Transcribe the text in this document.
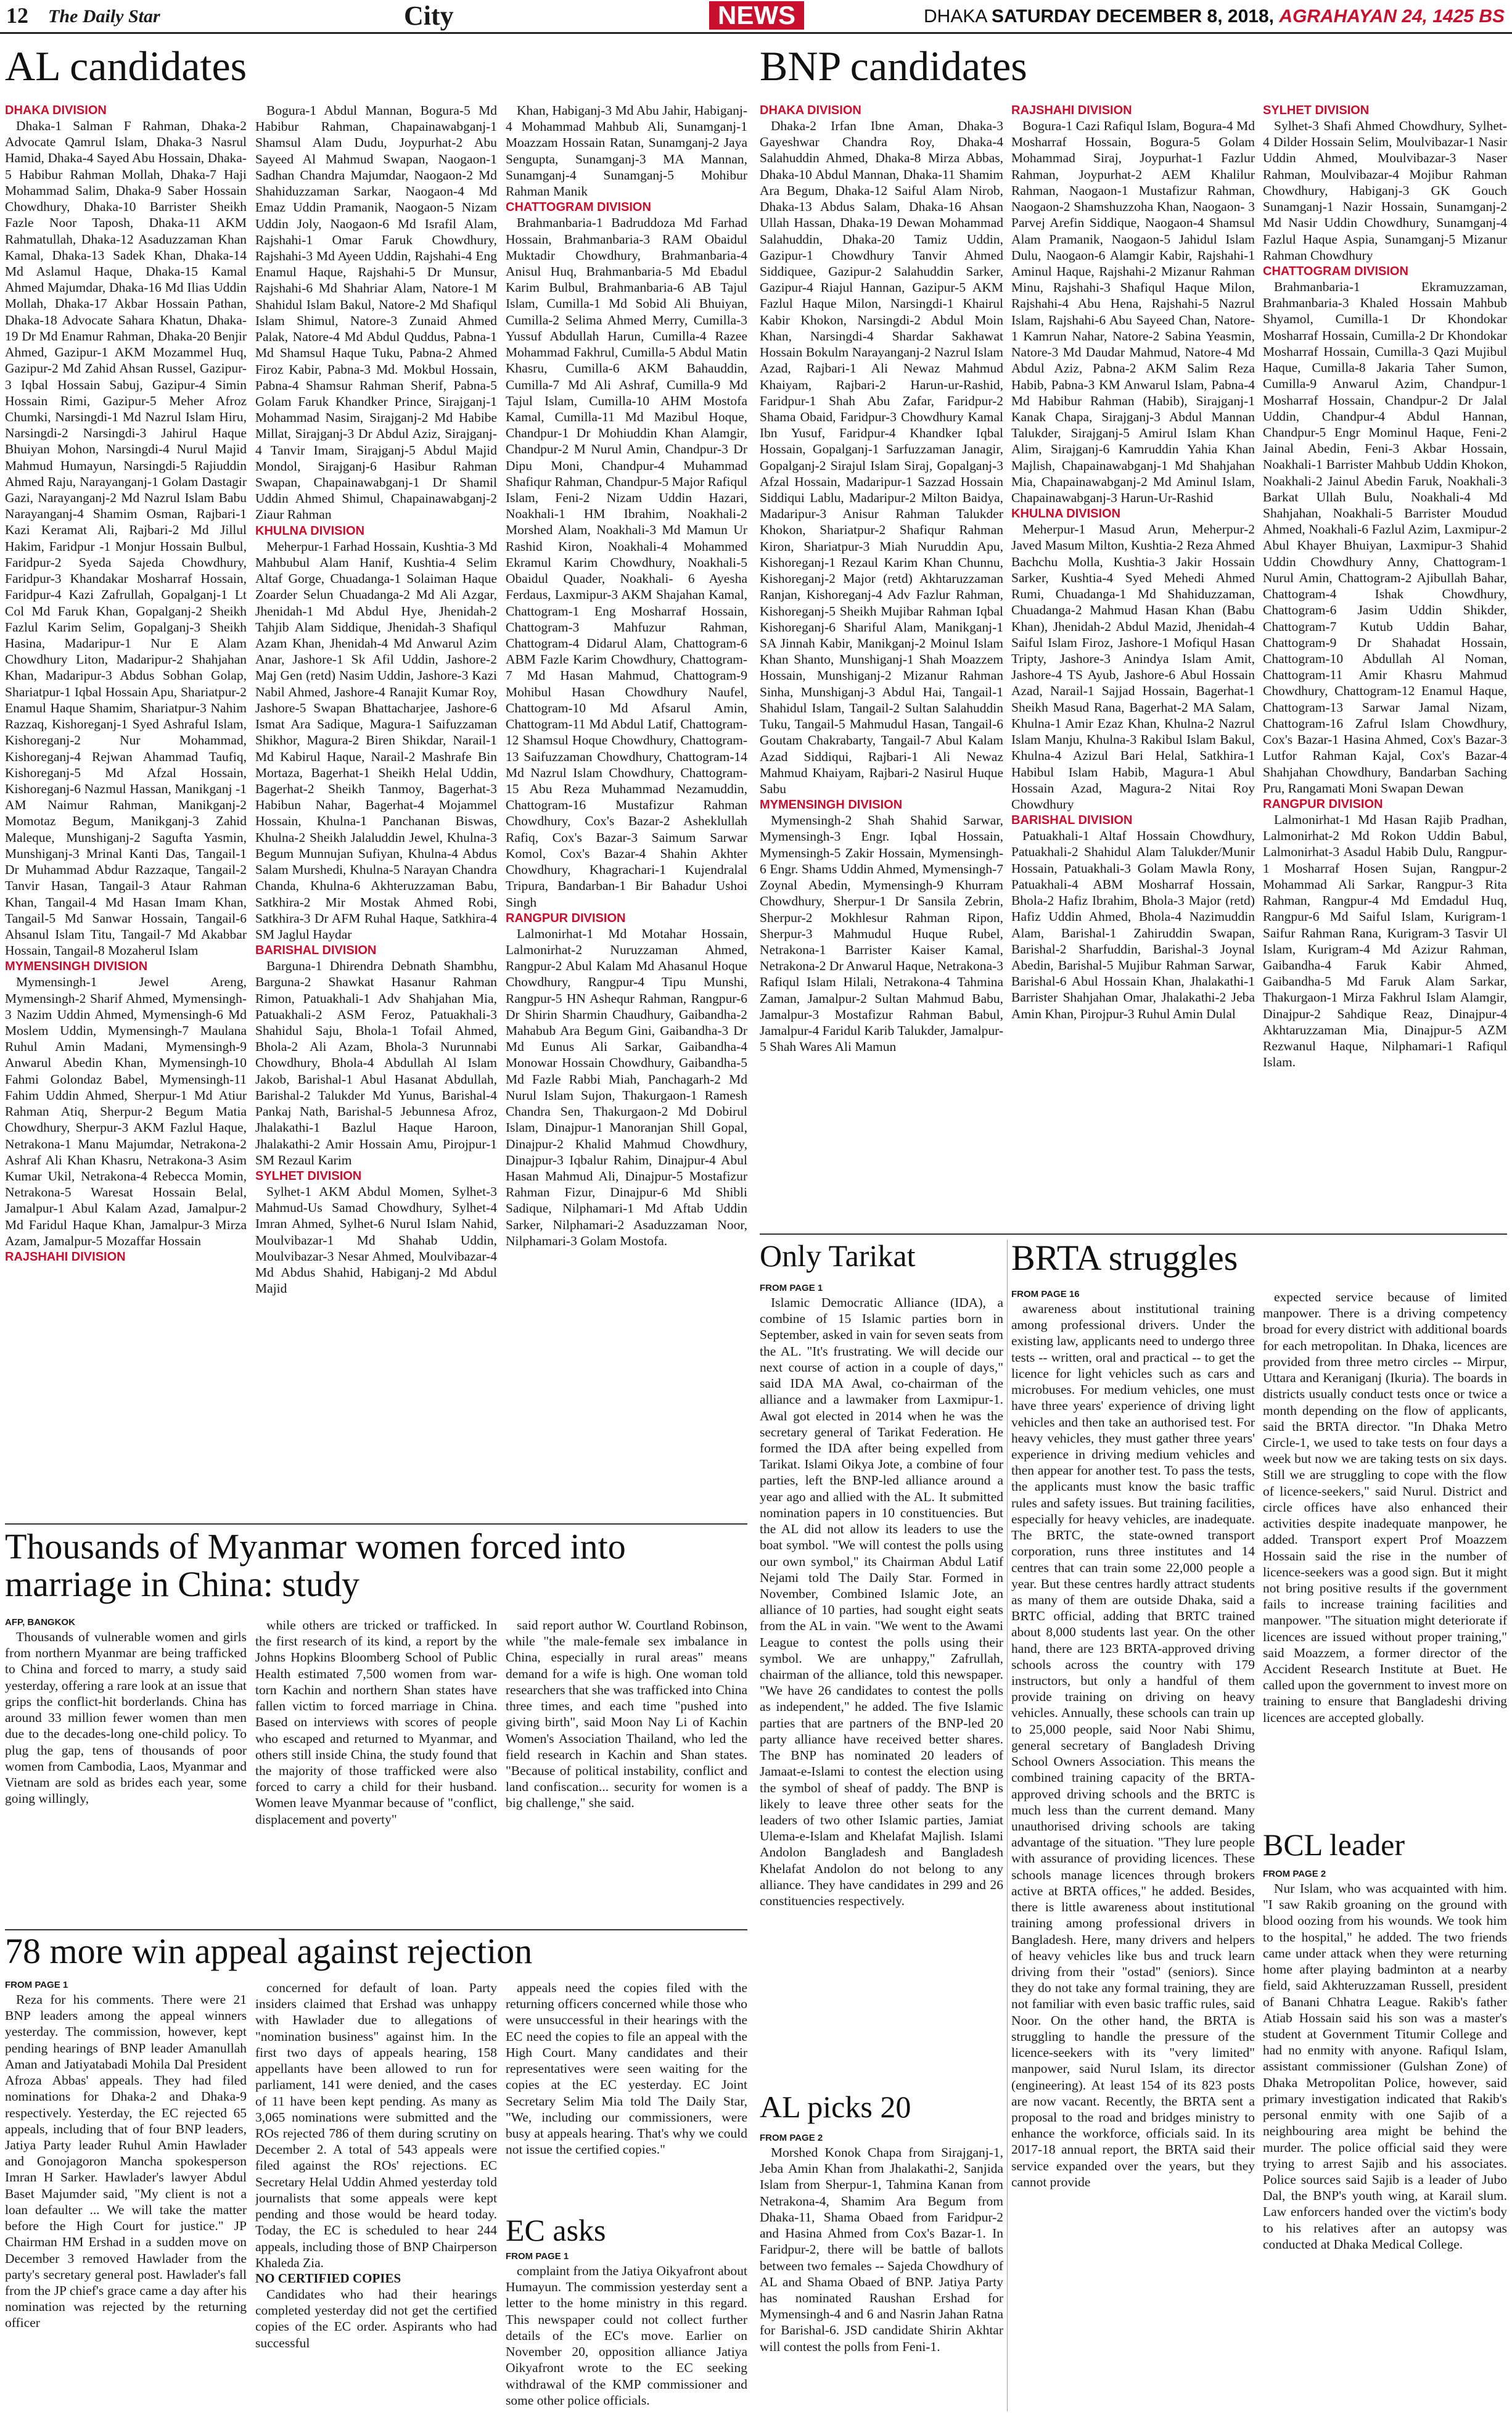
12 The Daily Star	City	NEWS	DHAKA SATURDAY DECEMBER 8, 2018, AGRAHAYAN 24, 1425 BS
AL candidates
DHAKA DIVISION

Dhaka-1 Salman F Rahman, Dhaka-2 Advocate Qamrul Islam, Dhaka-3 Nasrul Hamid, Dhaka-4 Sayed Abu Hossain, Dhaka-5 Habibur Rahman Mollah, Dhaka-7 Haji Mohammad Salim, Dhaka-9 Saber Hossain Chowdhury, Dhaka-10 Barrister Sheikh Fazle Noor Taposh, Dhaka-11 AKM Rahmatullah, Dhaka-12 Asaduzzaman Khan Kamal, Dhaka-13 Sadek Khan, Dhaka-14 Md Aslamul Haque, Dhaka-15 Kamal Ahmed Majumdar, Dhaka-16 Md Ilias Uddin Mollah, Dhaka-17 Akbar Hossain Pathan, Dhaka-18 Advocate Sahara Khatun, Dhaka-19 Dr Md Enamur Rahman, Dhaka-20 Benjir Ahmed, Gazipur-1 AKM Mozammel Huq, Gazipur-2 Md Zahid Ahsan Russel, Gazipur-3 Iqbal Hossain Sabuj, Gazipur-4 Simin Hossain Rimi, Gazipur-5 Meher Afroz Chumki, Narsingdi-1 Md Nazrul Islam Hiru, Narsingdi-2 Narsingdi-3 Jahirul Haque Bhuiyan Mohon, Narsingdi-4 Nurul Majid Mahmud Humayun, Narsingdi-5 Rajiuddin Ahmed Raju, Narayanganj-1 Golam Dastagir Gazi, Narayanganj-2 Md Nazrul Islam Babu Narayanganj-4 Shamim Osman, Rajbari-1 Kazi Keramat Ali, Rajbari-2 Md Jillul Hakim, Faridpur -1 Monjur Hossain Bulbul, Faridpur-2 Syeda Sajeda Chowdhury, Faridpur-3 Khandakar Mosharraf Hossain, Faridpur-4 Kazi Zafrullah, Gopalganj-1 Lt Col Md Faruk Khan, Gopalganj-2 Sheikh Fazlul Karim Selim, Gopalganj-3 Sheikh Hasina, Madaripur-1 Nur E Alam Chowdhury Liton, Madaripur-2 Shahjahan Khan, Madaripur-3 Abdus Sobhan Golap, Shariatpur-1 Iqbal Hossain Apu, Shariatpur-2 Enamul Haque Shamim, Shariatpur-3 Nahim Razzaq, Kishoreganj-1 Syed Ashraful Islam, Kishoreganj-2 Nur Mohammad, Kishoreganj-4 Rejwan Ahammad Taufiq, Kishoreganj-5 Md Afzal Hossain, Kishoreganj-6 Nazmul Hassan, Manikganj -1 AM Naimur Rahman, Manikganj-2 Momotaz Begum, Manikganj-3 Zahid Maleque, Munshiganj-2 Sagufta Yasmin, Munshiganj-3 Mrinal Kanti Das, Tangail-1 Dr Muhammad Abdur Razzaque, Tangail-2 Tanvir Hasan, Tangail-3 Ataur Rahman Khan, Tangail-4 Md Hasan Imam Khan, Tangail-5 Md Sanwar Hossain, Tangail-6 Ahsanul Islam Titu, Tangail-7 Md Akabbar Hossain, Tangail-8 Mozaherul Islam

MYMENSINGH DIVISION

Mymensingh-1 Jewel Areng, Mymensingh-2 Sharif Ahmed, Mymensingh-3 Nazim Uddin Ahmed, Mymensingh-6 Md Moslem Uddin, Mymensingh-7 Maulana Ruhul Amin Madani, Mymensingh-9 Anwarul Abedin Khan, Mymensingh-10 Fahmi Golondaz Babel, Mymensingh-11 Fahim Uddin Ahmed, Sherpur-1 Md Atiur Rahman Atiq, Sherpur-2 Begum Matia Chowdhury, Sherpur-3 AKM Fazlul Haque, Netrakona-1 Manu Majumdar, Netrakona-2 Ashraf Ali Khan Khasru, Netrakona-3 Asim Kumar Ukil, Netrakona-4 Rebecca Momin, Netrakona-5 Waresat Hossain Belal, Jamalpur-1 Abul Kalam Azad, Jamalpur-2 Md Faridul Haque Khan, Jamalpur-3 Mirza Azam, Jamalpur-5 Mozaffar Hossain

RAJSHAHI DIVISION

Bogura-1 Abdul Mannan, Bogura-5 Md Habibur Rahman, Chapainawabganj-1 Shamsul Alam Dudu, Joypurhat-2 Abu Sayeed Al Mahmud Swapan, Naogaon-1 Sadhan Chandra Majumdar, Naogaon-2 Md Shahiduzzaman Sarkar, Naogaon-4 Md Emaz Uddin Pramanik, Naogaon-5 Nizam Uddin Joly, Naogaon-6 Md Israfil Alam, Rajshahi-1 Omar Faruk Chowdhury, Rajshahi-3 Md Ayeen Uddin, Rajshahi-4 Eng Enamul Haque, Rajshahi-5 Dr Munsur, Rajshahi-6 Md Shahriar Alam, Natore-1 M Shahidul Islam Bakul, Natore-2 Md Shafiqul Islam Shimul, Natore-3 Zunaid Ahmed Palak, Natore-4 Md Abdul Quddus, Pabna-1 Md Shamsul Haque Tuku, Pabna-2 Ahmed Firoz Kabir, Pabna-3 Md. Mokbul Hossain, Pabna-4 Shamsur Rahman Sherif, Pabna-5 Golam Faruk Khandker Prince, Sirajganj-1 Mohammad Nasim, Sirajganj-2 Md Habibe Millat, Sirajganj-3 Dr Abdul Aziz, Sirajganj-4 Tanvir Imam, Sirajganj-5 Abdul Majid Mondol, Sirajganj-6 Hasibur Rahman Swapan, Chapainawabganj-1 Dr Shamil Uddin Ahmed Shimul, Chapainawabganj-2 Ziaur Rahman

KHULNA DIVISION

Meherpur-1 Farhad Hossain, Kushtia-3 Md Mahbubul Alam Hanif, Kushtia-4 Selim Altaf Gorge, Chuadanga-1 Solaiman Haque Zoarder Selun Chuadanga-2 Md Ali Azgar, Jhenidah-1 Md Abdul Hye, Jhenidah-2 Tahjib Alam Siddique, Jhenidah-3 Shafiqul Azam Khan, Jhenidah-4 Md Anwarul Azim Anar, Jashore-1 Sk Afil Uddin, Jashore-2 Maj Gen (retd) Nasim Uddin, Jashore-3 Kazi Nabil Ahmed, Jashore-4 Ranajit Kumar Roy, Jashore-5 Swapan Bhattacharjee, Jashore-6 Ismat Ara Sadique, Magura-1 Saifuzzaman Shikhor, Magura-2 Biren Shikdar, Narail-1 Md Kabirul Haque, Narail-2 Mashrafe Bin Mortaza, Bagerhat-1 Sheikh Helal Uddin, Bagerhat-2 Sheikh Tanmoy, Bagerhat-3 Habibun Nahar, Bagerhat-4 Mojammel Hossain, Khulna-1 Panchanan Biswas, Khulna-2 Sheikh Jalaluddin Jewel, Khulna-3 Begum Munnujan Sufiyan, Khulna-4 Abdus Salam Murshedi, Khulna-5 Narayan Chandra Chanda, Khulna-6 Akhteruzzaman Babu, Satkhira-2 Mir Mostak Ahmed Robi, Satkhira-3 Dr AFM Ruhal Haque, Satkhira-4 SM Jaglul Haydar

BARISHAL DIVISION

Barguna-1 Dhirendra Debnath Shambhu, Barguna-2 Shawkat Hasanur Rahman Rimon, Patuakhali-1 Adv Shahjahan Mia, Patuakhali-2 ASM Feroz, Patuakhali-3 Shahidul Saju, Bhola-1 Tofail Ahmed, Bhola-2 Ali Azam, Bhola-3 Nurunnabi Chowdhury, Bhola-4 Abdullah Al Islam Jakob, Barishal-1 Abul Hasanat Abdullah, Barishal-2 Talukder Md Yunus, Barishal-4 Pankaj Nath, Barishal-5 Jebunnesa Afroz, Jhalakathi-1 Bazlul Haque Haroon, Jhalakathi-2 Amir Hossain Amu, Pirojpur-1 SM Rezaul Karim

SYLHET DIVISION

Sylhet-1 AKM Abdul Momen, Sylhet-3 Mahmud-Us Samad Chowdhury, Sylhet-4 Imran Ahmed, Sylhet-6 Nurul Islam Nahid, Moulvibazar-1 Md Shahab Uddin, Moulvibazar-3 Nesar Ahmed, Moulvibazar-4 Md Abdus Shahid, Habiganj-2 Md Abdul Majid

Khan, Habiganj-3 Md Abu Jahir, Habiganj-4 Mohammad Mahbub Ali, Sunamganj-1 Moazzam Hossain Ratan, Sunamganj-2 Jaya Sengupta, Sunamganj-3 MA Mannan, Sunamganj-4 Sunamganj-5 Mohibur Rahman Manik

CHATTOGRAM DIVISION

Brahmanbaria-1 Badruddoza Md Farhad Hossain, Brahmanbaria-3 RAM Obaidul Muktadir Chowdhury, Brahmanbaria-4 Anisul Huq, Brahmanbaria-5 Md Ebadul Karim Bulbul, Brahmanbaria-6 AB Tajul Islam, Cumilla-1 Md Sobid Ali Bhuiyan, Cumilla-2 Selima Ahmed Merry, Cumilla-3 Yussuf Abdullah Harun, Cumilla-4 Razee Mohammad Fakhrul, Cumilla-5 Abdul Matin Khasru, Cumilla-6 AKM Bahauddin, Cumilla-7 Md Ali Ashraf, Cumilla-9 Md Tajul Islam, Cumilla-10 AHM Mostofa Kamal, Cumilla-11 Md Mazibul Hoque, Chandpur-1 Dr Mohiuddin Khan Alamgir, Chandpur-2 M Nurul Amin, Chandpur-3 Dr Dipu Moni, Chandpur-4 Muhammad Shafiqur Rahman, Chandpur-5 Major Rafiqul Islam, Feni-2 Nizam Uddin Hazari, Noakhali-1 HM Ibrahim, Noakhali-2 Morshed Alam, Noakhali-3 Md Mamun Ur Rashid Kiron, Noakhali-4 Mohammed Ekramul Karim Chowdhury, Noakhali-5 Obaidul Quader, Noakhali- 6 Ayesha Ferdaus, Laxmipur-3 AKM Shajahan Kamal, Chattogram-1 Eng Mosharraf Hossain, Chattogram-3 Mahfuzur Rahman, Chattogram-4 Didarul Alam, Chattogram-6 ABM Fazle Karim Chowdhury, Chattogram-7 Md Hasan Mahmud, Chattogram-9 Mohibul Hasan Chowdhury Naufel, Chattogram-10 Md Afsarul Amin, Chattogram-11 Md Abdul Latif, Chattogram-12 Shamsul Hoque Chowdhury, Chattogram-13 Saifuzzaman Chowdhury, Chattogram-14 Md Nazrul Islam Chowdhury, Chattogram-15 Abu Reza Muhammad Nezamuddin, Chattogram-16 Mustafizur Rahman Chowdhury, Cox's Bazar-2 Asheklullah Rafiq, Cox's Bazar-3 Saimum Sarwar Komol, Cox's Bazar-4 Shahin Akhter Chowdhury, Khagrachari-1 Kujendralal Tripura, Bandarban-1 Bir Bahadur Ushoi Singh

RANGPUR DIVISION

Lalmonirhat-1 Md Motahar Hossain, Lalmonirhat-2 Nuruzzaman Ahmed, Rangpur-2 Abul Kalam Md Ahasanul Hoque Chowdhury, Rangpur-4 Tipu Munshi, Rangpur-5 HN Ashequr Rahman, Rangpur-6 Dr Shirin Sharmin Chaudhury, Gaibandha-2 Mahabub Ara Begum Gini, Gaibandha-3 Dr Md Eunus Ali Sarkar, Gaibandha-4 Monowar Hossain Chowdhury, Gaibandha-5 Md Fazle Rabbi Miah, Panchagarh-2 Md Nurul Islam Sujon, Thakurgaon-1 Ramesh Chandra Sen, Thakurgaon-2 Md Dobirul Islam, Dinajpur-1 Manoranjan Shill Gopal, Dinajpur-2 Khalid Mahmud Chowdhury, Dinajpur-3 Iqbalur Rahim, Dinajpur-4 Abul Hasan Mahmud Ali, Dinajpur-5 Mostafizur Rahman Fizur, Dinajpur-6 Md Shibli Sadique, Nilphamari-1 Md Aftab Uddin Sarker, Nilphamari-2 Asaduzzaman Noor, Nilphamari-3 Golam Mostofa.

BNP candidates
DHAKA DIVISION

Dhaka-2 Irfan Ibne Aman, Dhaka-3 Gayeshwar Chandra Roy, Dhaka-4 Salahuddin Ahmed, Dhaka-8 Mirza Abbas, Dhaka-10 Abdul Mannan, Dhaka-11 Shamim Ara Begum, Dhaka-12 Saiful Alam Nirob, Dhaka-13 Abdus Salam, Dhaka-16 Ahsan Ullah Hassan, Dhaka-19 Dewan Mohammad Salahuddin, Dhaka-20 Tamiz Uddin, Gazipur-1 Chowdhury Tanvir Ahmed Siddiquee, Gazipur-2 Salahuddin Sarker, Gazipur-4 Riajul Hannan, Gazipur-5 AKM Fazlul Haque Milon, Narsingdi-1 Khairul Kabir Khokon, Narsingdi-2 Abdul Moin Khan, Narsingdi-4 Shardar Sakhawat Hossain Bokulm Narayanganj-2 Nazrul Islam Azad, Rajbari-1 Ali Newaz Mahmud Khaiyam, Rajbari-2 Harun-ur-Rashid, Faridpur-1 Shah Abu Zafar, Faridpur-2 Shama Obaid, Faridpur-3 Chowdhury Kamal Ibn Yusuf, Faridpur-4 Khandker Iqbal Hossain, Gopalganj-1 Sarfuzzaman Janagir, Gopalganj-2 Sirajul Islam Siraj, Gopalganj-3 Afzal Hossain, Madaripur-1 Sazzad Hossain Siddiqui Lablu, Madaripur-2 Milton Baidya, Madaripur-3 Anisur Rahman Talukder Khokon, Shariatpur-2 Shafiqur Rahman Kiron, Shariatpur-3 Miah Nuruddin Apu, Kishoreganj-1 Rezaul Karim Khan Chunnu, Kishoreganj-2 Major (retd) Akhtaruzzaman Ranjan, Kishoreganj-4 Adv Fazlur Rahman, Kishoreganj-5 Sheikh Mujibar Rahman Iqbal Kishoreganj-6 Shariful Alam, Manikganj-1 SA Jinnah Kabir, Manikganj-2 Moinul Islam Khan Shanto, Munshiganj-1 Shah Moazzem Hossain, Munshiganj-2 Mizanur Rahman Sinha, Munshiganj-3 Abdul Hai, Tangail-1 Shahidul Islam, Tangail-2 Sultan Salahuddin Tuku, Tangail-5 Mahmudul Hasan, Tangail-6 Goutam Chakrabarty, Tangail-7 Abul Kalam Azad Siddiqui, Rajbari-1 Ali Newaz Mahmud Khaiyam, Rajbari-2 Nasirul Huque Sabu

MYMENSINGH DIVISION

Mymensingh-2 Shah Shahid Sarwar, Mymensingh-3 Engr. Iqbal Hossain, Mymensingh-5 Zakir Hossain, Mymensingh-6 Engr. Shams Uddin Ahmed, Mymensingh-7 Zoynal Abedin, Mymensingh-9 Khurram Chowdhury, Sherpur-1 Dr Sansila Zebrin, Sherpur-2 Mokhlesur Rahman Ripon, Sherpur-3 Mahmudul Huque Rubel, Netrakona-1 Barrister Kaiser Kamal, Netrakona-2 Dr Anwarul Haque, Netrakona-3 Rafiqul Islam Hilali, Netrakona-4 Tahmina Zaman, Jamalpur-2 Sultan Mahmud Babu, Jamalpur-3 Mostafizur Rahman Babul, Jamalpur-4 Faridul Karib Talukder, Jamalpur-5 Shah Wares Ali Mamun

RAJSHAHI DIVISION

Bogura-1 Cazi Rafiqul Islam, Bogura-4 Md Mosharraf Hossain, Bogura-5 Golam Mohammad Siraj, Joypurhat-1 Fazlur Rahman, Joypurhat-2 AEM Khalilur Rahman, Naogaon-1 Mustafizur Rahman, Naogaon-2 Shamshuzzoha Khan, Naogaon- 3 Parvej Arefin Siddique, Naogaon-4 Shamsul Alam Pramanik, Naogaon-5 Jahidul Islam Dulu, Naogaon-6 Alamgir Kabir, Rajshahi-1 Aminul Haque, Rajshahi-2 Mizanur Rahman Minu, Rajshahi-3 Shafiqul Haque Milon, Rajshahi-4 Abu Hena, Rajshahi-5 Nazrul Islam, Rajshahi-6 Abu Sayeed Chan, Natore-1 Kamrun Nahar, Natore-2 Sabina Yeasmin, Natore-3 Md Daudar Mahmud, Natore-4 Md Abdul Aziz, Pabna-2 AKM Salim Reza Habib, Pabna-3 KM Anwarul Islam, Pabna-4 Md Habibur Rahman (Habib), Sirajganj-1 Kanak Chapa, Sirajganj-3 Abdul Mannan Talukder, Sirajganj-5 Amirul Islam Khan Alim, Sirajganj-6 Kamruddin Yahia Khan Majlish, Chapainawabganj-1 Md Shahjahan Mia, Chapainawabganj-2 Md Aminul Islam, Chapainawabganj-3 Harun-Ur-Rashid

KHULNA DIVISION

Meherpur-1 Masud Arun, Meherpur-2 Javed Masum Milton, Kushtia-2 Reza Ahmed Bachchu Molla, Kushtia-3 Jakir Hossain Sarker, Kushtia-4 Syed Mehedi Ahmed Rumi, Chuadanga-1 Md Shahiduzzaman, Chuadanga-2 Mahmud Hasan Khan (Babu Khan), Jhenidah-2 Abdul Mazid, Jhenidah-4 Saiful Islam Firoz, Jashore-1 Mofiqul Hasan Tripty, Jashore-3 Anindya Islam Amit, Jashore-4 TS Ayub, Jashore-6 Abul Hossain Azad, Narail-1 Sajjad Hossain, Bagerhat-1 Sheikh Masud Rana, Bagerhat-2 MA Salam, Khulna-1 Amir Ezaz Khan, Khulna-2 Nazrul Islam Manju, Khulna-3 Rakibul Islam Bakul, Khulna-4 Azizul Bari Helal, Satkhira-1 Habibul Islam Habib, Magura-1 Abul Hossain Azad, Magura-2 Nitai Roy Chowdhury

BARISHAL DIVISION

Patuakhali-1 Altaf Hossain Chowdhury, Patuakhali-2 Shahidul Alam Talukder/Munir Hossain, Patuakhali-3 Golam Mawla Rony, Patuakhali-4 ABM Mosharraf Hossain, Bhola-2 Hafiz Ibrahim, Bhola-3 Major (retd) Hafiz Uddin Ahmed, Bhola-4 Nazimuddin Alam, Barishal-1 Zahiruddin Swapan, Barishal-2 Sharfuddin, Barishal-3 Joynal Abedin, Barishal-5 Mujibur Rahman Sarwar, Barishal-6 Abul Hossain Khan, Jhalakathi-1 Barrister Shahjahan Omar, Jhalakathi-2 Jeba Amin Khan, Pirojpur-3 Ruhul Amin Dulal

SYLHET DIVISION

Sylhet-3 Shafi Ahmed Chowdhury, Sylhet-4 Dilder Hossain Selim, Moulvibazar-1 Nasir Uddin Ahmed, Moulvibazar-3 Naser Rahman, Moulvibazar-4 Mojibur Rahman Chowdhury, Habiganj-3 GK Gouch Sunamganj-1 Nazir Hossain, Sunamganj-2 Md Nasir Uddin Chowdhury, Sunamganj-4 Fazlul Haque Aspia, Sunamganj-5 Mizanur Rahman Chowdhury

CHATTOGRAM DIVISION

Brahmanbaria-1 Ekramuzzaman, Brahmanbaria-3 Khaled Hossain Mahbub Shyamol, Cumilla-1 Dr Khondokar Mosharraf Hossain, Cumilla-2 Dr Khondokar Mosharraf Hossain, Cumilla-3 Qazi Mujibul Haque, Cumilla-8 Jakaria Taher Sumon, Cumilla-9 Anwarul Azim, Chandpur-1 Mosharraf Hossain, Chandpur-2 Dr Jalal Uddin, Chandpur-4 Abdul Hannan, Chandpur-5 Engr Mominul Haque, Feni-2 Jainal Abedin, Feni-3 Akbar Hossain, Noakhali-1 Barrister Mahbub Uddin Khokon, Noakhali-2 Jainul Abedin Faruk, Noakhali-3 Barkat Ullah Bulu, Noakhali-4 Md Shahjahan, Noakhali-5 Barrister Moudud Ahmed, Noakhali-6 Fazlul Azim, Laxmipur-2 Abul Khayer Bhuiyan, Laxmipur-3 Shahid Uddin Chowdhury Anny, Chattogram-1 Nurul Amin, Chattogram-2 Ajibullah Bahar, Chattogram-4 Ishak Chowdhury, Chattogram-6 Jasim Uddin Shikder, Chattogram-7 Kutub Uddin Bahar, Chattogram-9 Dr Shahadat Hossain, Chattogram-10 Abdullah Al Noman, Chattogram-11 Amir Khasru Mahmud Chowdhury, Chattogram-12 Enamul Haque, Chattogram-13 Sarwar Jamal Nizam, Chattogram-16 Zafrul Islam Chowdhury, Cox's Bazar-1 Hasina Ahmed, Cox's Bazar-3 Lutfor Rahman Kajal, Cox's Bazar-4 Shahjahan Chowdhury, Bandarban Saching Pru, Rangamati Moni Swapan Dewan

RANGPUR DIVISION

Lalmonirhat-1 Md Hasan Rajib Pradhan, Lalmonirhat-2 Md Rokon Uddin Babul, Lalmonirhat-3 Asadul Habib Dulu, Rangpur-1 Mosharraf Hosen Sujan, Rangpur-2 Mohammad Ali Sarkar, Rangpur-3 Rita Rahman, Rangpur-4 Md Emdadul Huq, Rangpur-6 Md Saiful Islam, Kurigram-1 Saifur Rahman Rana, Kurigram-3 Tasvir Ul Islam, Kurigram-4 Md Azizur Rahman, Gaibandha-4 Faruk Kabir Ahmed, Gaibandha-5 Md Faruk Alam Sarkar, Thakurgaon-1 Mirza Fakhrul Islam Alamgir, Dinajpur-2 Sahdique Reaz, Dinajpur-4 Akhtaruzzaman Mia, Dinajpur-5 AZM Rezwanul Haque, Nilphamari-1 Rafiqul Islam.

Thousands of Myanmar women forced into marriage in China: study
AFP, BANGKOK

Thousands of vulnerable women and girls from northern Myanmar are being trafficked to China and forced to marry, a study said yesterday, offering a rare look at an issue that grips the conflict-hit borderlands. China has around 33 million fewer women than men due to the decades-long one-child policy. To plug the gap, tens of thousands of poor women from Cambodia, Laos, Myanmar and Vietnam are sold as brides each year, some going willingly,

while others are tricked or trafficked. In the first research of its kind, a report by the Johns Hopkins Bloomberg School of Public Health estimated 7,500 women from war-torn Kachin and northern Shan states have fallen victim to forced marriage in China. Based on interviews with scores of people who escaped and returned to Myanmar, and others still inside China, the study found that the majority of those trafficked were also forced to carry a child for their husband. Women leave Myanmar because of "conflict, displacement and poverty"

said report author W. Courtland Robinson, while "the male-female sex imbalance in China, especially in rural areas" means demand for a wife is high. One woman told researchers that she was trafficked into China three times, and each time "pushed into giving birth", said Moon Nay Li of Kachin Women's Association Thailand, who led the field research in Kachin and Shan states. "Because of political instability, conflict and land confiscation... security for women is a big challenge," she said.

78 more win appeal against rejection
FROM PAGE 1

Reza for his comments. There were 21 BNP leaders among the appeal winners yesterday. The commission, however, kept pending hearings of BNP leader Amanullah Aman and Jatiyatabadi Mohila Dal President Afroza Abbas' appeals. They had filed nominations for Dhaka-2 and Dhaka-9 respectively. Yesterday, the EC rejected 65 appeals, including that of four BNP leaders, Jatiya Party leader Ruhul Amin Hawlader and Gonojagoron Mancha spokesperson Imran H Sarker. Hawlader's lawyer Abdul Baset Majumder said, "My client is not a loan defaulter ... We will take the matter before the High Court for justice." JP Chairman HM Ershad in a sudden move on December 3 removed Hawlader from the party's secretary general post. Hawlader's fall from the JP chief's grace came a day after his nomination was rejected by the returning officer

concerned for default of loan. Party insiders claimed that Ershad was unhappy with Hawlader due to allegations of "nomination business" against him. In the first two days of appeals hearing, 158 appellants have been allowed to run for parliament, 141 were denied, and the cases of 11 have been kept pending. As many as 3,065 nominations were submitted and the ROs rejected 786 of them during scrutiny on December 2. A total of 543 appeals were filed against the ROs' rejections. EC Secretary Helal Uddin Ahmed yesterday told journalists that some appeals were kept pending and those would be heard today. Today, the EC is scheduled to hear 244 appeals, including those of BNP Chairperson Khaleda Zia.

NO CERTIFIED COPIES

Candidates who had their hearings completed yesterday did not get the certified copies of the EC order. Aspirants who had successful

appeals need the copies filed with the returning officers concerned while those who were unsuccessful in their hearings with the EC need the copies to file an appeal with the High Court. Many candidates and their representatives were seen waiting for the copies at the EC yesterday. EC Joint Secretary Selim Mia told The Daily Star, "We, including our commissioners, were busy at appeals hearing. That's why we could not issue the certified copies."

EC asks
FROM PAGE 1

complaint from the Jatiya Oikyafront about Humayun. The commission yesterday sent a letter to the home ministry in this regard. This newspaper could not collect further details of the EC's move. Earlier on November 20, opposition alliance Jatiya Oikyafront wrote to the EC seeking withdrawal of the KMP commissioner and some other police officials.

Only Tarikat
FROM PAGE 1

Islamic Democratic Alliance (IDA), a combine of 15 Islamic parties born in September, asked in vain for seven seats from the AL. "It's frustrating. We will decide our next course of action in a couple of days," said IDA MA Awal, co-chairman of the alliance and a lawmaker from Laxmipur-1. Awal got elected in 2014 when he was the secretary general of Tarikat Federation. He formed the IDA after being expelled from Tarikat. Islami Oikya Jote, a combine of four parties, left the BNP-led alliance around a year ago and allied with the AL. It submitted nomination papers in 10 constituencies. But the AL did not allow its leaders to use the boat symbol. "We will contest the polls using our own symbol," its Chairman Abdul Latif Nejami told The Daily Star. Formed in November, Combined Islamic Jote, an alliance of 10 parties, had sought eight seats from the AL in vain. "We went to the Awami League to contest the polls using their symbol. We are unhappy," Zafrullah, chairman of the alliance, told this newspaper. "We have 26 candidates to contest the polls as independent," he added. The five Islamic parties that are partners of the BNP-led 20 party alliance have received better shares. The BNP has nominated 20 leaders of Jamaat-e-Islami to contest the election using the symbol of sheaf of paddy. The BNP is likely to leave three other seats for the leaders of two other Islamic parties, Jamiat Ulema-e-Islam and Khelafat Majlish. Islami Andolon Bangladesh and Bangladesh Khelafat Andolon do not belong to any alliance. They have candidates in 299 and 26 constituencies respectively.

AL picks 20
FROM PAGE 2

Morshed Konok Chapa from Sirajganj-1, Jeba Amin Khan from Jhalakathi-2, Sanjida Islam from Sherpur-1, Tahmina Kanan from Netrakona-4, Shamim Ara Begum from Dhaka-11, Shama Obaed from Faridpur-2 and Hasina Ahmed from Cox's Bazar-1. In Faridpur-2, there will be battle of ballots between two females -- Sajeda Chowdhury of AL and Shama Obaed of BNP. Jatiya Party has nominated Raushan Ershad for Mymensingh-4 and 6 and Nasrin Jahan Ratna for Barishal-6. JSD candidate Shirin Akhtar will contest the polls from Feni-1.

BRTA struggles
FROM PAGE 16

awareness about institutional training among professional drivers. Under the existing law, applicants need to undergo three tests -- written, oral and practical -- to get the licence for light vehicles such as cars and microbuses. For medium vehicles, one must have three years' experience of driving light vehicles and then take an authorised test. For heavy vehicles, they must gather three years' experience in driving medium vehicles and then appear for another test. To pass the tests, the applicants must know the basic traffic rules and safety issues. But training facilities, especially for heavy vehicles, are inadequate. The BRTC, the state-owned transport corporation, runs three institutes and 14 centres that can train some 22,000 people a year. But these centres hardly attract students as many of them are outside Dhaka, said a BRTC official, adding that BRTC trained about 8,000 students last year. On the other hand, there are 123 BRTA-approved driving schools across the country with 179 instructors, but only a handful of them provide training on driving on heavy vehicles. Annually, these schools can train up to 25,000 people, said Noor Nabi Shimu, general secretary of Bangladesh Driving School Owners Association. This means the combined training capacity of the BRTA-approved driving schools and the BRTC is much less than the current demand. Many unauthorised driving schools are taking advantage of the situation. "They lure people with assurance of providing licences. These schools manage licences through brokers active at BRTA offices," he added. Besides, there is little awareness about institutional training among professional drivers in Bangladesh. Here, many drivers and helpers of heavy vehicles like bus and truck learn driving from their "ostad" (seniors). Since they do not take any formal training, they are not familiar with even basic traffic rules, said Noor. On the other hand, the BRTA is struggling to handle the pressure of the licence-seekers with its "very limited" manpower, said Nurul Islam, its director (engineering). At least 154 of its 823 posts are now vacant. Recently, the BRTA sent a proposal to the road and bridges ministry to enhance the workforce, officials said. In its 2017-18 annual report, the BRTA said their service expanded over the years, but they cannot provide

expected service because of limited manpower. There is a driving competency broad for every district with additional boards for each metropolitan. In Dhaka, licences are provided from three metro circles -- Mirpur, Uttara and Keraniganj (Ikuria). The boards in districts usually conduct tests once or twice a month depending on the flow of applicants, said the BRTA director. "In Dhaka Metro Circle-1, we used to take tests on four days a week but now we are taking tests on six days. Still we are struggling to cope with the flow of licence-seekers," said Nurul. District and circle offices have also enhanced their activities despite inadequate manpower, he added. Transport expert Prof Moazzem Hossain said the rise in the number of licence-seekers was a good sign. But it might not bring positive results if the government fails to increase training facilities and manpower. "The situation might deteriorate if licences are issued without proper training," said Moazzem, a former director of the Accident Research Institute at Buet. He called upon the government to invest more on training to ensure that Bangladeshi driving licences are accepted globally.

BCL leader
FROM PAGE 2

Nur Islam, who was acquainted with him. "I saw Rakib groaning on the ground with blood oozing from his wounds. We took him to the hospital," he added. The two friends came under attack when they were returning home after playing badminton at a nearby field, said Akhteruzzaman Russell, president of Banani Chhatra League. Rakib's father Atiab Hossain said his son was a master's student at Government Titumir College and had no enmity with anyone. Rafiqul Islam, assistant commissioner (Gulshan Zone) of Dhaka Metropolitan Police, however, said primary investigation indicated that Rakib's personal enmity with one Sajib of a neighbouring area might be behind the murder. The police official said they were trying to arrest Sajib and his associates. Police sources said Sajib is a leader of Jubo Dal, the BNP's youth wing, at Karail slum. Law enforcers handed over the victim's body to his relatives after an autopsy was conducted at Dhaka Medical College.
